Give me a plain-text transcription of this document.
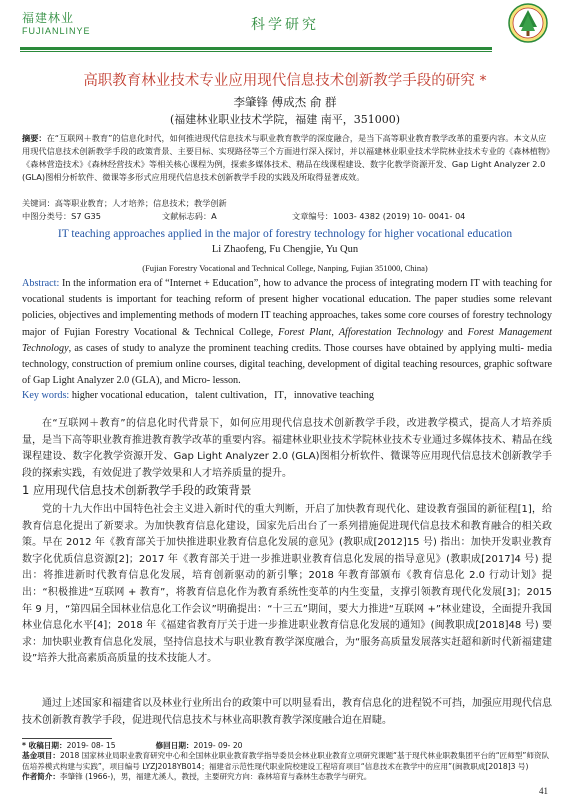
福建林业
FUJIANLINYE	科学研究
高职教育林业技术专业应用现代信息技术创新教学手段的研究 *
李肇锋 傅成杰 俞 群
(福建林业职业技术学院，福建 南平，351000)
摘要：在“互联网＋教育”的信息化时代，如何推进现代信息技术与职业教育教学的深度融合，是当下高等职业教育教学改革的重要内容。本文从应用现代信息技术创新教学手段的政策背景、主要目标、实现路径等三个方面进行深入探讨，并以福建林业职业技术学院林业技术专业的《森林植物》《森林营造技术》《森林经营技术》等相关核心课程为例，探索多媒体技术、精品在线课程建设、数字化教学资源开发、Gap Light Analyzer 2.0 (GLA)图相分析软件、微课等多形式应用现代信息技术创新教学手段的实践及所取得显著成效。
关键词：高等职业教育；人才培养；信息技术；教学创新
中图分类号：S7 G35	文献标志码：A	文章编号：1003- 4382 (2019) 10- 0041- 04
IT teaching approaches applied in the major of forestry technology for higher vocational education
Li Zhaofeng, Fu Chengjie, Yu Qun
(Fujian Forestry Vocational and Technical College, Nanping, Fujian 351000, China)
Abstract: In the information era of “Internet + Education”, how to advance the process of integrating modern IT with teaching for vocational students is important for teaching reform of present higher vocational education. The paper studies some relevant policies, objectives and implementing methods of modern IT teaching approaches, takes some core courses of forestry technology major of Fujian Forestry Vocational & Technical College, Forest Plant, Afforestation Technology and Forest Management Technology, as cases of study to analyze the prominent teaching credits. Those courses have obtained by applying multi- media technology, construction of premium online courses, digital teaching, development of digital teaching resources, graphic software of Gap Light Analyzer 2.0 (GLA), and Micro- lesson.
Key words: higher vocational education，talent cultivation，IT，innovative teaching
在“互联网＋教育”的信息化时代背景下，如何应用现代信息技术创新教学手段，改进教学模式，提高人才培养质量，是当下高等职业教育推进教育教学改革的重要内容。福建林业职业技术学院林业技术专业通过多媒体技术、精品在线课程建设、数字化教学资源开发、Gap Light Analyzer 2.0 (GLA)图相分析软件、微课等应用现代信息技术创新教学手段的探索实践，有效促进了教学效果和人才培养质量的提升。
1 应用现代信息技术创新教学手段的政策背景
党的十九大作出中国特色社会主义进入新时代的重大判断，开启了加快教育现代化、建设教育强国的新征程[1]，给教育信息化提出了新要求。为加快教育信息化建设，国家先后出台了一系列措施促进现代信息技术和教育融合的相关政策。早在 2012 年《教育部关于加快推进职业教育信息化发展的意见》(教职成[2012]15 号) 指出：加快开发职业教育数字化优质信息资源[2]；2017 年《教育部关于进一步推进职业教育信息化发展的指导意见》(教职成[2017]4 号) 提出：将推进新时代教育信息化发展，培育创新驱动的新引擎；2018 年教育部颁布《教育信息化 2.0 行动计划》提出：“积极推进“互联网 + 教育”，将教育信息化作为教育系统性变革的内生变量，支撑引领教育现代化发展[3]；2015 年 9 月，“第四届全国林业信息化工作会议”明确提出：“十三五”期间，要大力推进“互联网 +”林业建设，全面提升我国林业信息化水平[4]；2018 年《福建省教育厅关于进一步推进职业教育信息化发展的通知》(闽教职成[2018]48 号) 要求：加快职业教育信息化发展，坚持信息技术与职业教育教学深度融合，为“服务高质量发展落实赶超和新时代新福建建设”培养大批高素质高质量的技术技能人才。
通过上述国家和福建省以及林业行业所出台的政策中可以明显看出，教育信息化的进程锐不可挡，加强应用现代信息技术创新教育教学手段，促进现代信息技术与林业高职教育教学深度融合迫在眉睫。
* 收稿日期：2019- 08- 15	修回日期：2019- 09- 20
基金项目：2018 国家林业局职业教育研究中心和全国林业职业教育教学指导委员会林业职业教育立项研究课题“基于现代林业职教集团平台的“匠师型”师资队伍培养模式构建与实践”，项目编号 LYZJ2018YB014；福建省示范性现代职业院校建设工程培育项目“信息技术在教学中的应用”(闽教职成[2018]3 号)
作者简介：李肇锋 (1966-)，男，福建尤溪人，教授，主要研究方向：森林培育与森林生态教学与研究。
41
